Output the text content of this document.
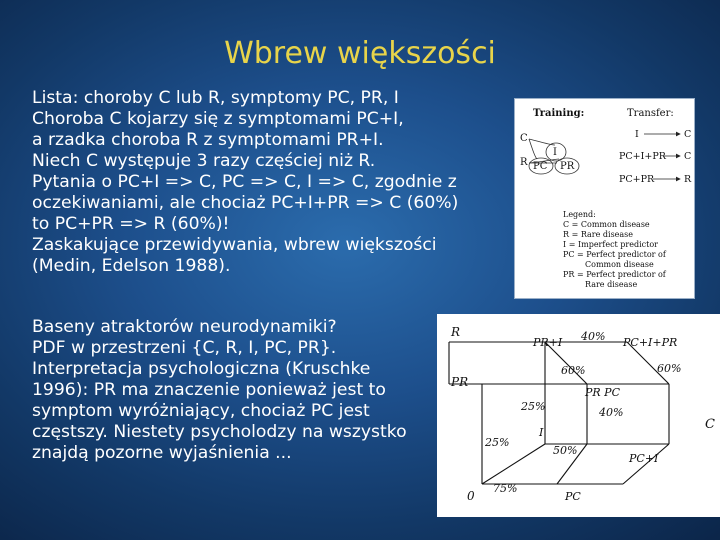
Wbrew większości
Lista: choroby C lub R, symptomy PC, PR, I
Choroba C kojarzy się z symptomami PC+I,
a rzadka choroba R z symptomami PR+I.
Niech C występuje 3 razy częściej niż R.
Pytania o PC+I => C, PC => C, I => C, zgodnie z
oczekiwaniami, ale chociaż PC+I+PR => C (60%)
to PC+PR => R (60%)!
Zaskakujące przewidywania, wbrew większości
(Medin, Edelson 1988).
Baseny atraktorów neurodynamiki?
PDF w przestrzeni {C, R, I, PC, PR}.
Interpretacja psychologiczna (Kruschke
1996): PR ma znaczenie ponieważ jest to
symptom wyróżniający, chociaż PC jest
częstszy. Niestety psycholodzy na wszystko
znajdą pozorne wyjaśnienia ...
Training:	Transfer:
C
R
I
PC PR
I	C
PC+I+PR C
PC+PR	R
Legend:
C = Common disease
R = Rare disease
I = Imperfect predictor
PC = Perfect predictor of
Common disease
PR = Perfect predictor of
Rare disease
R
PR
0
PR+I	PC+I+PR
PR PC
I
C
PC+I
PC
40%
60%	60%
25%	40%
25%
50%
75%
